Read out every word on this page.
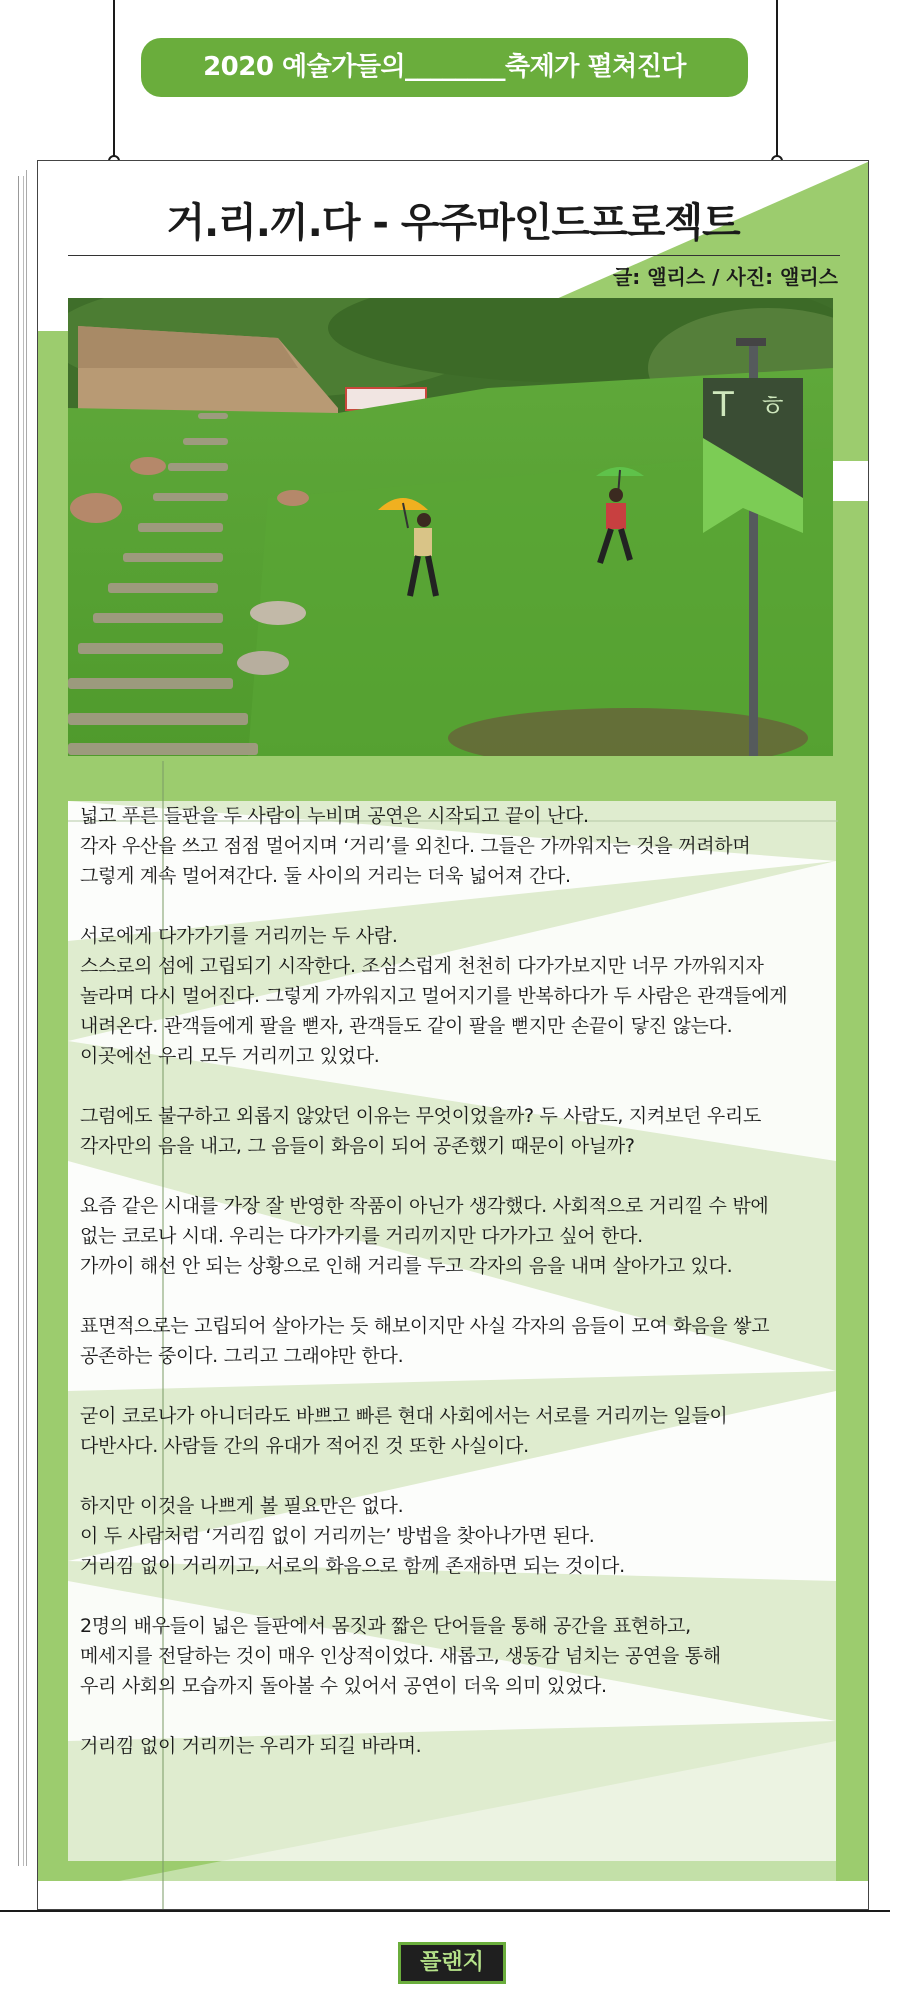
2020 예술가들의________축제가 펼쳐진다
거.리.끼.다 - 우주마인드프로젝트
글: 앨리스 / 사진: 앨리스
T ㅎ

넓고 푸른 들판을 두 사람이 누비며 공연은 시작되고 끝이 난다.
각자 우산을 쓰고 점점 멀어지며 ‘거리’를 외친다. 그들은 가까워지는 것을 꺼려하며
그렇게 계속 멀어져간다. 둘 사이의 거리는 더욱 넓어져 간다.

서로에게 다가가기를 거리끼는 두 사람.
스스로의 섬에 고립되기 시작한다. 조심스럽게 천천히 다가가보지만 너무 가까워지자
놀라며 다시 멀어진다. 그렇게 가까워지고 멀어지기를 반복하다가 두 사람은 관객들에게
내려온다. 관객들에게 팔을 뻗자, 관객들도 같이 팔을 뻗지만 손끝이 닿진 않는다.
이곳에선 우리 모두 거리끼고 있었다.

그럼에도 불구하고 외롭지 않았던 이유는 무엇이었을까? 두 사람도, 지켜보던 우리도
각자만의 음을 내고, 그 음들이 화음이 되어 공존했기 때문이 아닐까?

요즘 같은 시대를 가장 잘 반영한 작품이 아닌가 생각했다. 사회적으로 거리낄 수 밖에
없는 코로나 시대. 우리는 다가가기를 거리끼지만 다가가고 싶어 한다.
가까이 해선 안 되는 상황으로 인해 거리를 두고 각자의 음을 내며 살아가고 있다.

표면적으로는 고립되어 살아가는 듯 해보이지만 사실 각자의 음들이 모여 화음을 쌓고
공존하는 중이다. 그리고 그래야만 한다.

굳이 코로나가 아니더라도 바쁘고 빠른 현대 사회에서는 서로를 거리끼는 일들이
다반사다. 사람들 간의 유대가 적어진 것 또한 사실이다.

하지만 이것을 나쁘게 볼 필요만은 없다.
이 두 사람처럼 ‘거리낌 없이 거리끼는’ 방법을 찾아나가면 된다.
거리낌 없이 거리끼고, 서로의 화음으로 함께 존재하면 되는 것이다.

2명의 배우들이 넓은 들판에서 몸짓과 짧은 단어들을 통해 공간을 표현하고,
메세지를 전달하는 것이 매우 인상적이었다. 새롭고, 생동감 넘치는 공연을 통해
우리 사회의 모습까지 돌아볼 수 있어서 공연이 더욱 의미 있었다.

거리낌 없이 거리끼는 우리가 되길 바라며.

플랜지
